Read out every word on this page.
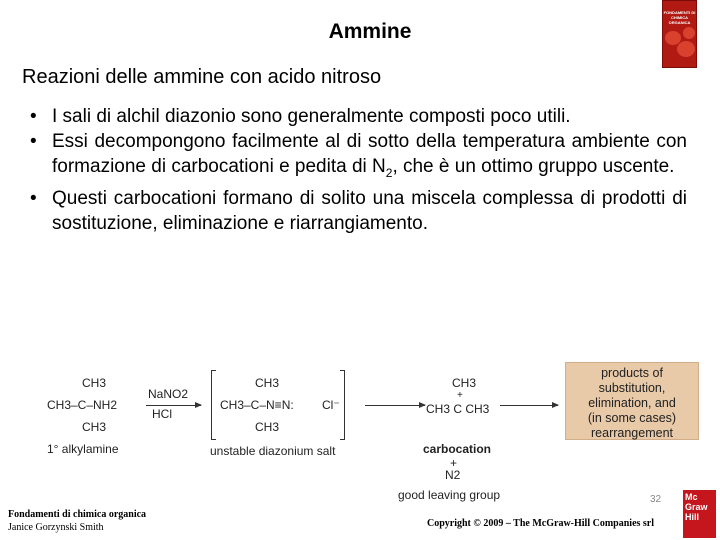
Ammine
FONDAMENTI DI CHIMICA ORGANICA
Reazioni delle ammine con acido nitroso
• I sali di alchil diazonio sono generalmente composti poco utili.
• Essi decompongono facilmente al di sotto della temperatura ambiente con formazione di carbocationi e pedita di $N_2$, che è un ottimo gruppo uscente.
• Questi carbocationi formano di solito una miscela complessa di prodotti di sostituzione, eliminazione e riarrangiamento.
CH3
CH3–C–NH2
CH3
1° alkylamine
NaNO2
HCl
CH3
CH3–C–N≡N: Cl⁻
CH3
unstable diazonium salt
CH3
+
CH3 C CH3
carbocation
+
N2
good leaving group
products of
substitution,
elimination, and
(in some cases)
rearrangement
Fondamenti di chimica organica
Janice Gorzynski Smith
32
Copyright © 2009 – The McGraw-Hill Companies srl
Mc
Graw
Hill
